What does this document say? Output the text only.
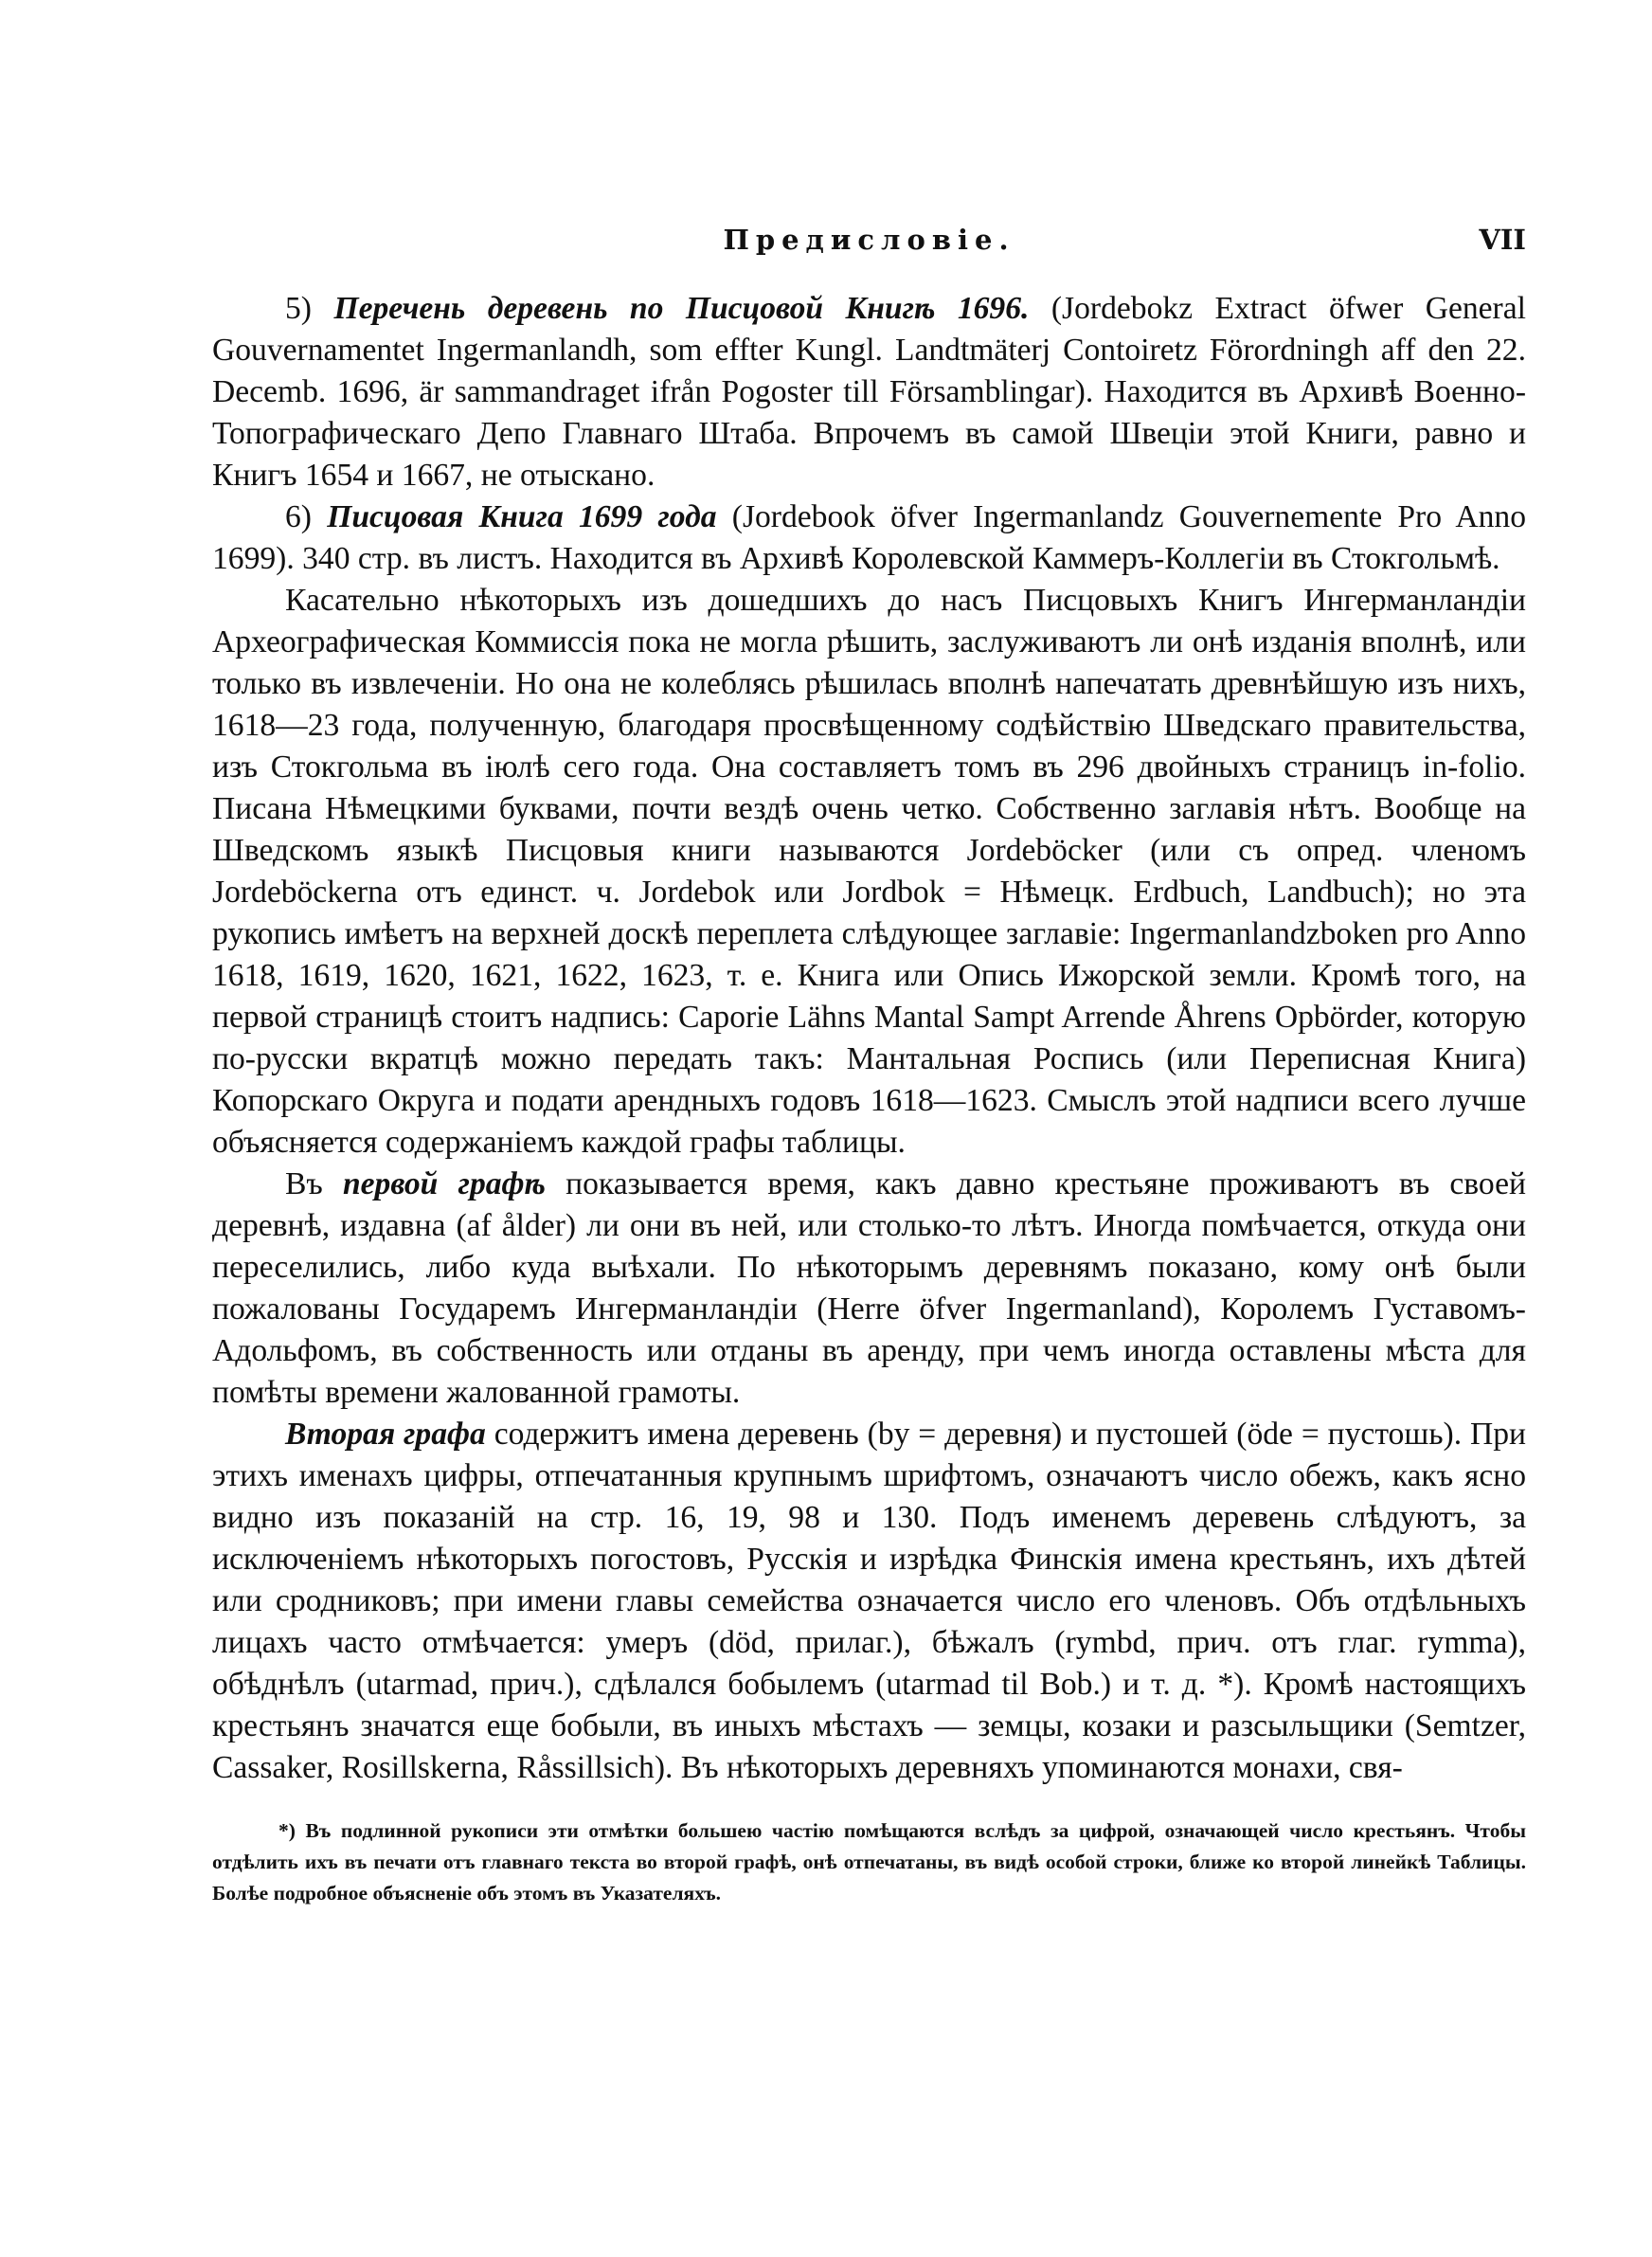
Предисловіе.	VII

5) Перечень деревень по Писцовой Книгѣ 1696. (Jordebokz Extract öfwer General Gouvernamentet Ingermanlandh, som effter Kungl. Landtmäterj Contoiretz Förordningh aff den 22. Decemb. 1696, är sammandraget ifrån Pogoster till Församblingar). Находится въ Архивѣ Военно-Топографическаго Депо Главнаго Штаба. Впрочемъ въ самой Швеціи этой Книги, равно и Книгъ 1654 и 1667, не отыскано.

6) Писцовая Книга 1699 года (Jordebook öfver Ingermanlandz Gouvernemente Pro Anno 1699). 340 стр. въ листъ. Находится въ Архивѣ Королевской Каммеръ-Коллегіи въ Стокгольмѣ.

Касательно нѣкоторыхъ изъ дошедшихъ до насъ Писцовыхъ Книгъ Ингерманландіи Археографическая Коммиссія пока не могла рѣшить, заслуживаютъ ли онѣ изданія вполнѣ, или только въ извлеченіи. Но она не колеблясь рѣшилась вполнѣ напечатать древнѣйшую изъ нихъ, 1618—23 года, полученную, благодаря просвѣщенному содѣйствію Шведскаго правительства, изъ Стокгольма въ іюлѣ сего года. Она составляетъ томъ въ 296 двойныхъ страницъ in-folio. Писана Нѣмецкими буквами, почти вездѣ очень четко. Собственно заглавія нѣтъ. Вообще на Шведскомъ языкѣ Писцовыя книги называются Jordeböcker (или съ опред. членомъ Jordeböckerna отъ единст. ч. Jordebok или Jordbok = Нѣмецк. Erdbuch, Landbuch); но эта рукопись имѣетъ на верхней доскѣ переплета слѣдующее заглавіе: Ingermanlandzboken pro Anno 1618, 1619, 1620, 1621, 1622, 1623, т. е. Книга или Опись Ижорской земли. Кромѣ того, на первой страницѣ стоитъ надпись: Caporie Lähns Mantal Sampt Arrende Åhrens Opbörder, которую по-русски вкратцѣ можно передать такъ: Мантальная Роспись (или Переписная Книга) Копорскаго Округа и подати арендныхъ годовъ 1618—1623. Смыслъ этой надписи всего лучше объясняется содержаніемъ каждой графы таблицы.

Въ первой графѣ показывается время, какъ давно крестьяне проживаютъ въ своей деревнѣ, издавна (af ålder) ли они въ ней, или столько-то лѣтъ. Иногда помѣчается, откуда они переселились, либо куда выѣхали. По нѣкоторымъ деревнямъ показано, кому онѣ были пожалованы Государемъ Ингерманландіи (Herre öfver Ingermanland), Королемъ Густавомъ-Адольфомъ, въ собственность или отданы въ аренду, при чемъ иногда оставлены мѣста для помѣты времени жалованной грамоты.

Вторая графа содержитъ имена деревень (by = деревня) и пустошей (öde = пустошь). При этихъ именахъ цифры, отпечатанныя крупнымъ шрифтомъ, означаютъ число обежъ, какъ ясно видно изъ показаній на стр. 16, 19, 98 и 130. Подъ именемъ деревень слѣдуютъ, за исключеніемъ нѣкоторыхъ погостовъ, Русскія и изрѣдка Финскія имена крестьянъ, ихъ дѣтей или сродниковъ; при имени главы семейства означается число его членовъ. Объ отдѣльныхъ лицахъ часто отмѣчается: умеръ (död, прилаг.), бѣжалъ (rymbd, прич. отъ глаг. rymma), обѣднѣлъ (utarmad, прич.), сдѣлался бобылемъ (utarmad til Bob.) и т. д. *). Кромѣ настоящихъ крестьянъ значатся еще бобыли, въ иныхъ мѣстахъ — земцы, козаки и разсыльщики (Semtzer, Cassaker, Rosillskerna, Råssillsich). Въ нѣкоторыхъ деревняхъ упоминаются монахи, свя-

*) Въ подлинной рукописи эти отмѣтки большею частію помѣщаются вслѣдъ за цифрой, означающей число крестьянъ. Чтобы отдѣлить ихъ въ печати отъ главнаго текста во второй графѣ, онѣ отпечатаны, въ видѣ особой строки, ближе ко второй линейкѣ Таблицы. Болѣе подробное объясненіе объ этомъ въ Указателяхъ.
